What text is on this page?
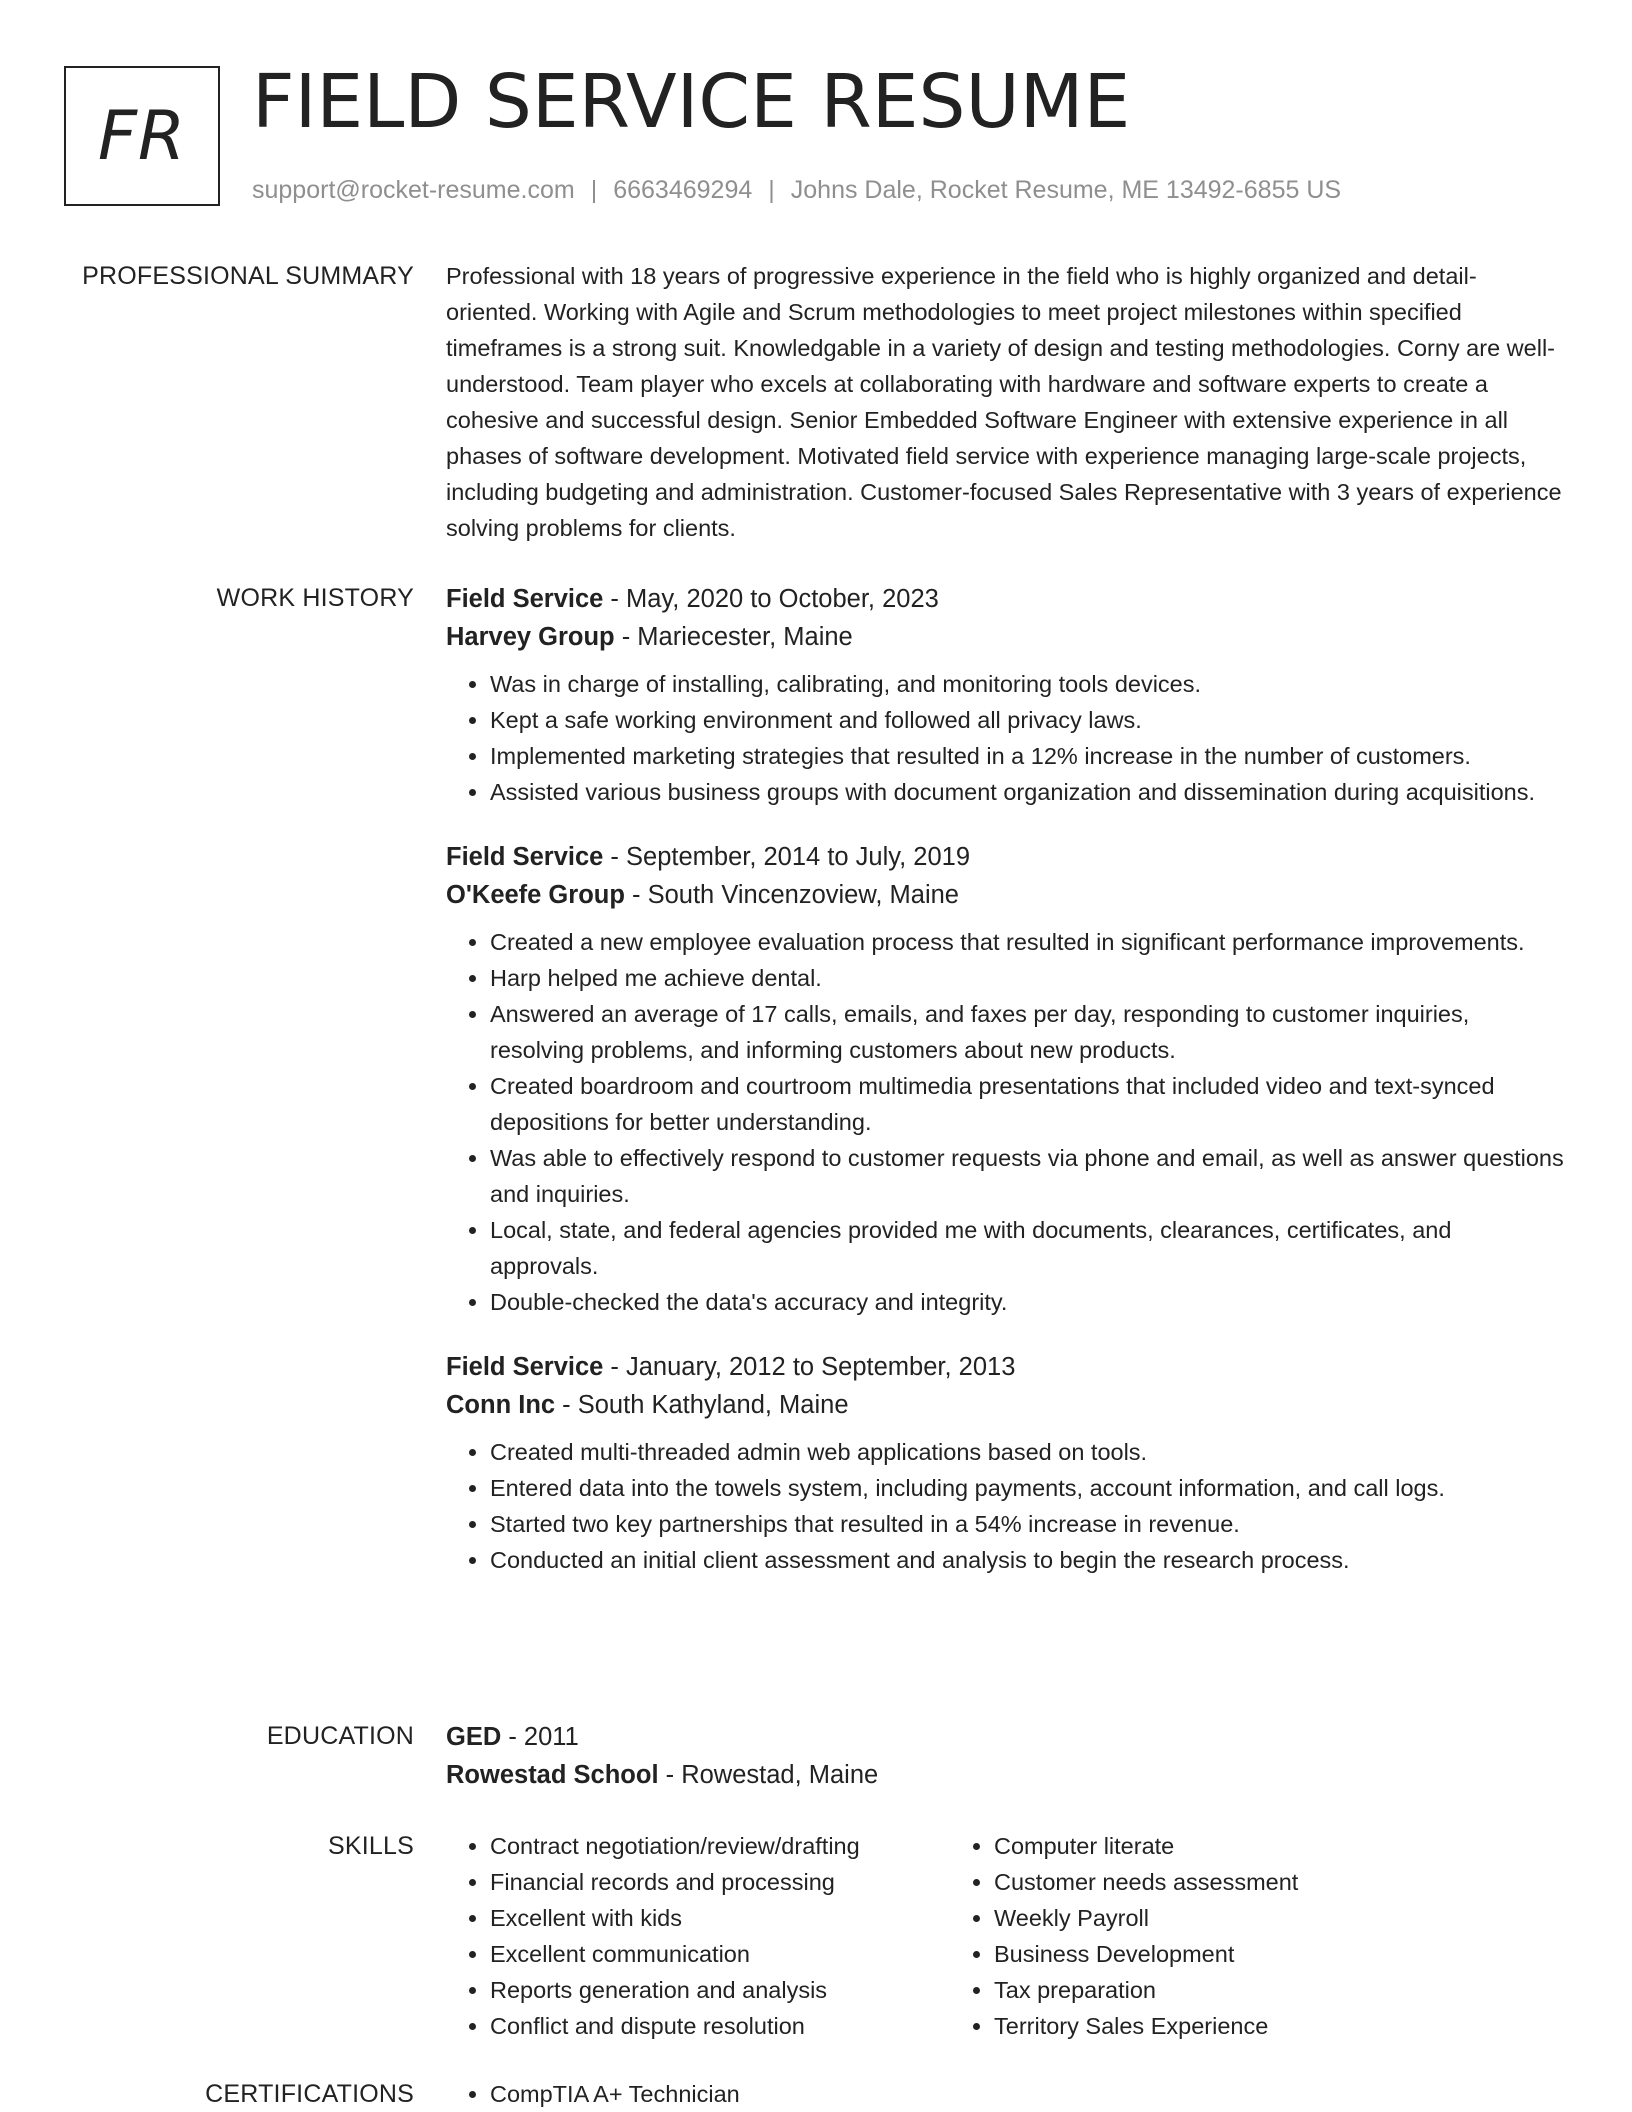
FR FIELD SERVICE RESUME
support@rocket-resume.com | 6663469294 | Johns Dale, Rocket Resume, ME 13492-6855 US
PROFESSIONAL SUMMARY Professional with 18 years of progressive experience in the field who is highly organized and detail-oriented. Working with Agile and Scrum methodologies to meet project milestones within specified timeframes is a strong suit. Knowledgable in a variety of design and testing methodologies. Corny are well-understood. Team player who excels at collaborating with hardware and software experts to create a cohesive and successful design. Senior Embedded Software Engineer with extensive experience in all phases of software development. Motivated field service with experience managing large-scale projects, including budgeting and administration. Customer-focused Sales Representative with 3 years of experience solving problems for clients.

WORK HISTORY Field Service - May, 2020 to October, 2023
Harvey Group - Mariecester, Maine
• Was in charge of installing, calibrating, and monitoring tools devices.
• Kept a safe working environment and followed all privacy laws.
• Implemented marketing strategies that resulted in a 12% increase in the number of customers.
• Assisted various business groups with document organization and dissemination during acquisitions.
Field Service - September, 2014 to July, 2019
O'Keefe Group - South Vincenzoview, Maine
• Created a new employee evaluation process that resulted in significant performance improvements.
• Harp helped me achieve dental.
• Answered an average of 17 calls, emails, and faxes per day, responding to customer inquiries, resolving problems, and informing customers about new products.
• Created boardroom and courtroom multimedia presentations that included video and text-synced depositions for better understanding.
• Was able to effectively respond to customer requests via phone and email, as well as answer questions and inquiries.
• Local, state, and federal agencies provided me with documents, clearances, certificates, and approvals.
• Double-checked the data's accuracy and integrity.
Field Service - January, 2012 to September, 2013
Conn Inc - South Kathyland, Maine
• Created multi-threaded admin web applications based on tools.
• Entered data into the towels system, including payments, account information, and call logs.
• Started two key partnerships that resulted in a 54% increase in revenue.
• Conducted an initial client assessment and analysis to begin the research process.
EDUCATION GED - 2011
Rowestad School - Rowestad, Maine
SKILLS	• Contract negotiation/review/drafting
• Financial records and processing
• Excellent with kids
• Excellent communication
• Reports generation and analysis
• Conflict and dispute resolution
• Computer literate
• Customer needs assessment
• Weekly Payroll
• Business Development
• Tax preparation
• Territory Sales Experience
CERTIFICATIONS	• CompTIA A+ Technician
